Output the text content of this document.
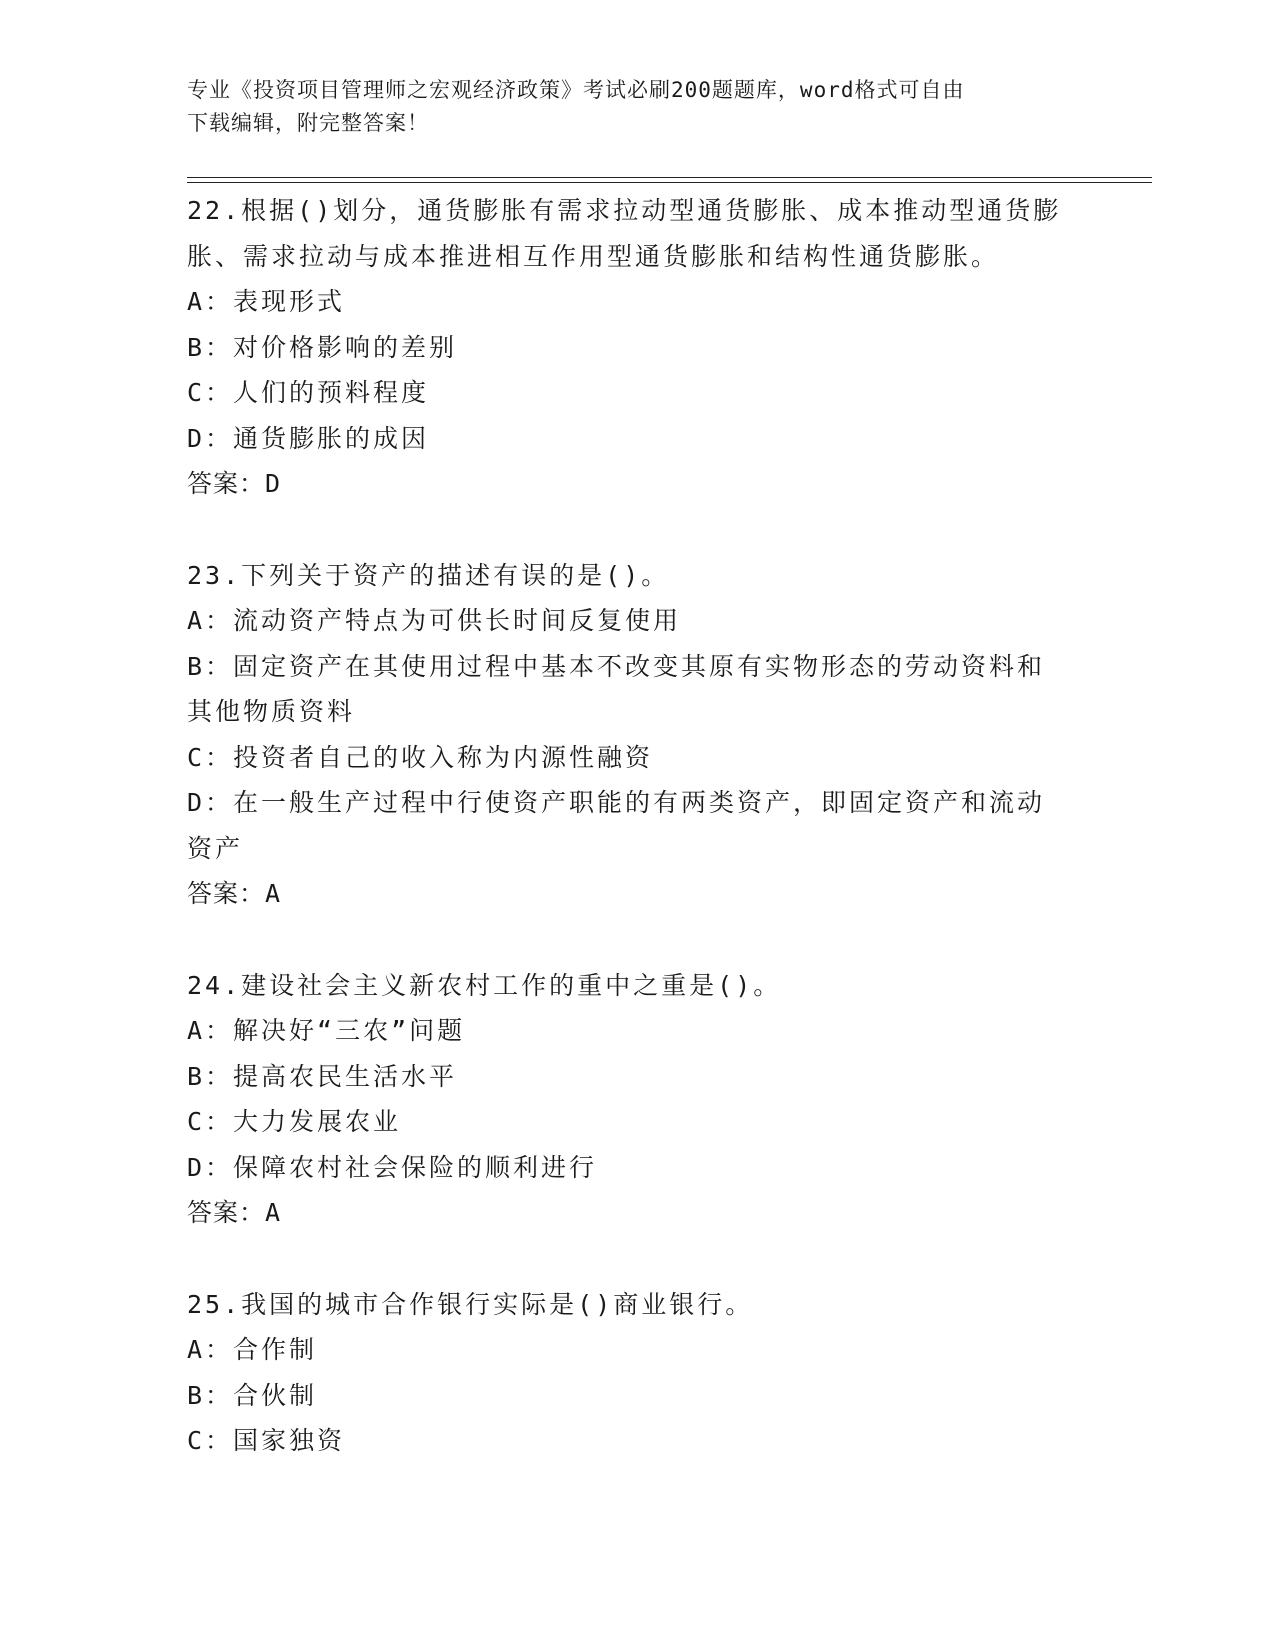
专业《投资项目管理师之宏观经济政策》考试必刷200题题库，word格式可自由
下载编辑，附完整答案！
22.根据()划分，通货膨胀有需求拉动型通货膨胀、成本推动型通货膨
胀、需求拉动与成本推进相互作用型通货膨胀和结构性通货膨胀。
A：表现形式
B：对价格影响的差别
C：人们的预料程度
D：通货膨胀的成因
答案：D
23.下列关于资产的描述有误的是()。
A：流动资产特点为可供长时间反复使用
B：固定资产在其使用过程中基本不改变其原有实物形态的劳动资料和
其他物质资料
C：投资者自己的收入称为内源性融资
D：在一般生产过程中行使资产职能的有两类资产，即固定资产和流动
资产
答案：A
24.建设社会主义新农村工作的重中之重是()。
A：解决好“三农”问题
B：提高农民生活水平
C：大力发展农业
D：保障农村社会保险的顺利进行
答案：A
25.我国的城市合作银行实际是()商业银行。
A：合作制
B：合伙制
C：国家独资
